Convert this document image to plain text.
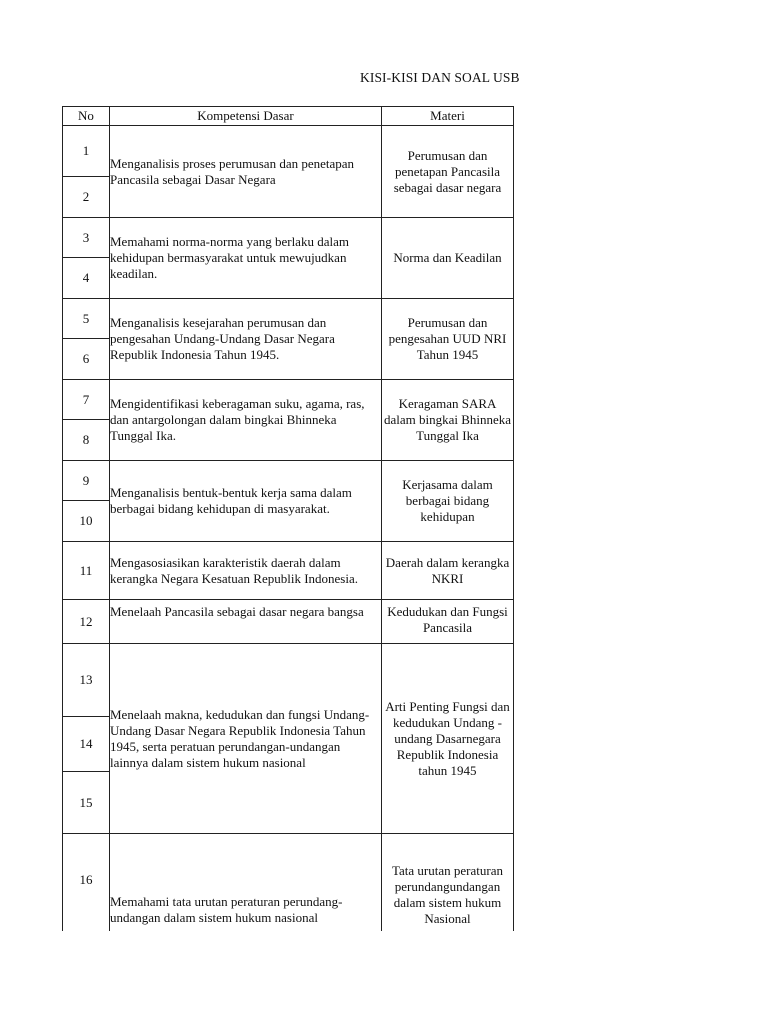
KISI-KISI DAN SOAL USB
No	Kompetensi Dasar	Materi
1	Menganalisis proses perumusan dan penetapan Pancasila sebagai Dasar Negara	Perumusan dan penetapan Pancasila sebagai dasar negara
2		
3	Memahami norma-norma yang berlaku dalam kehidupan bermasyarakat untuk mewujudkan keadilan.	Norma dan Keadilan
4		
5	Menganalisis kesejarahan perumusan dan pengesahan Undang-Undang Dasar Negara Republik Indonesia Tahun 1945.	Perumusan dan pengesahan UUD NRI Tahun 1945
6		
7	Mengidentifikasi keberagaman suku, agama, ras, dan antargolongan dalam bingkai Bhinneka Tunggal Ika.	Keragaman SARA dalam bingkai Bhinneka Tunggal Ika
8		
9	Menganalisis bentuk-bentuk kerja sama dalam berbagai bidang kehidupan di masyarakat.	Kerjasama dalam berbagai bidang kehidupan
10		
11	Mengasosiasikan karakteristik daerah dalam kerangka Negara Kesatuan Republik Indonesia.	Daerah dalam kerangka NKRI
12	Menelaah Pancasila sebagai dasar negara bangsa	Kedudukan dan Fungsi Pancasila
13	Menelaah makna, kedudukan dan fungsi Undang-Undang Dasar Negara Republik Indonesia Tahun 1945, serta peratuan perundangan-undangan lainnya dalam sistem hukum nasional	Arti Penting Fungsi dan kedudukan Undang - undang Dasarnegara Republik Indonesia tahun 1945
14		
15		
16	Memahami tata urutan peraturan perundang-undangan dalam sistem hukum nasional	Tata urutan peraturan perundangundangan dalam sistem hukum Nasional
